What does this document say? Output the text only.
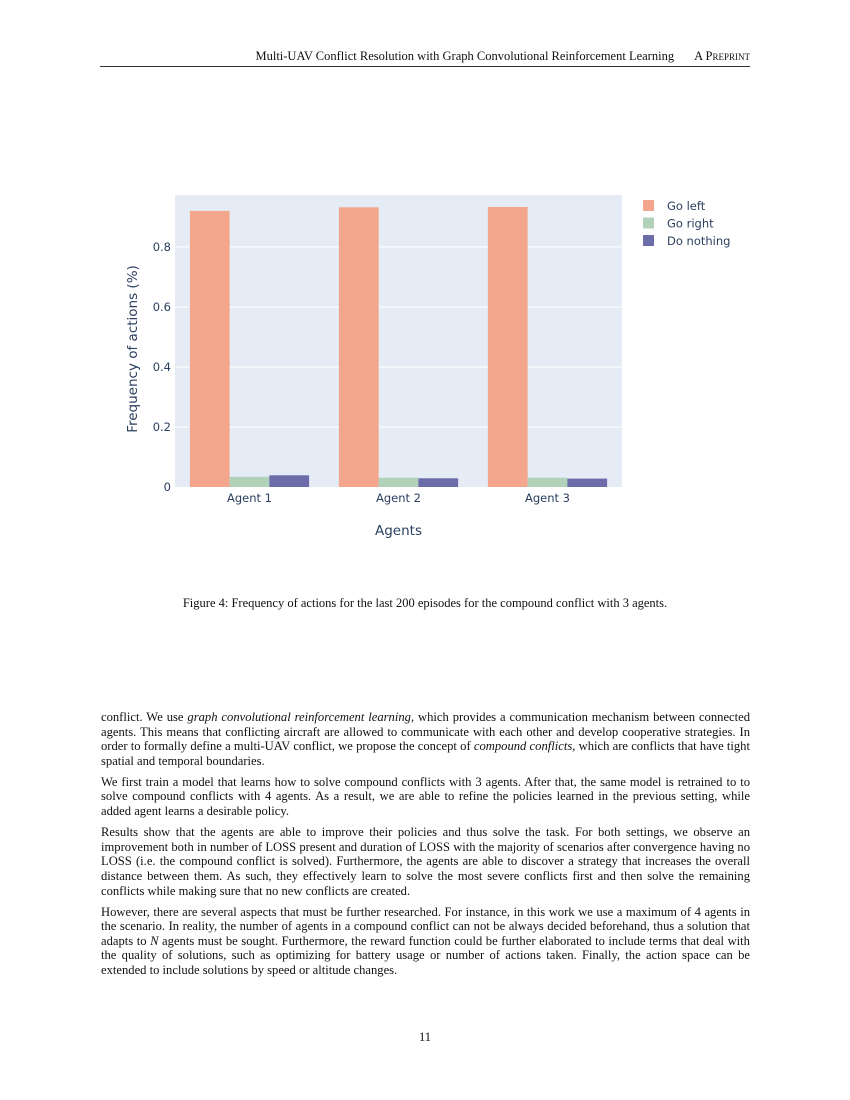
Multi-UAV Conflict Resolution with Graph Convolutional Reinforcement Learning A Preprint
0
0.2
0.4
0.6
0.8
Agent 1	Agent 2	Agent 3
Agents
Frequency of actions (%)
Go left
Go right
Do nothing
Figure 4: Frequency of actions for the last 200 episodes for the compound conflict with 3 agents.

conflict. We use graph convolutional reinforcement learning, which provides a communication mechanism between connected agents. This means that conflicting aircraft are allowed to communicate with each other and develop cooperative strategies. In order to formally define a multi-UAV conflict, we propose the concept of compound conflicts, which are conflicts that have tight spatial and temporal boundaries.

We first train a model that learns how to solve compound conflicts with 3 agents. After that, the same model is retrained to to solve compound conflicts with 4 agents. As a result, we are able to refine the policies learned in the previous setting, while added agent learns a desirable policy.

Results show that the agents are able to improve their policies and thus solve the task. For both settings, we observe an improvement both in number of LOSS present and duration of LOSS with the majority of scenarios after convergence having no LOSS (i.e. the compound conflict is solved). Furthermore, the agents are able to discover a strategy that increases the overall distance between them. As such, they effectively learn to solve the most severe conflicts first and then solve the remaining conflicts while making sure that no new conflicts are created.

However, there are several aspects that must be further researched. For instance, in this work we use a maximum of 4 agents in the scenario. In reality, the number of agents in a compound conflict can not be always decided beforehand, thus a solution that adapts to N agents must be sought. Furthermore, the reward function could be further elaborated to include terms that deal with the quality of solutions, such as optimizing for battery usage or number of actions taken. Finally, the action space can be extended to include solutions by speed or altitude changes.

11
